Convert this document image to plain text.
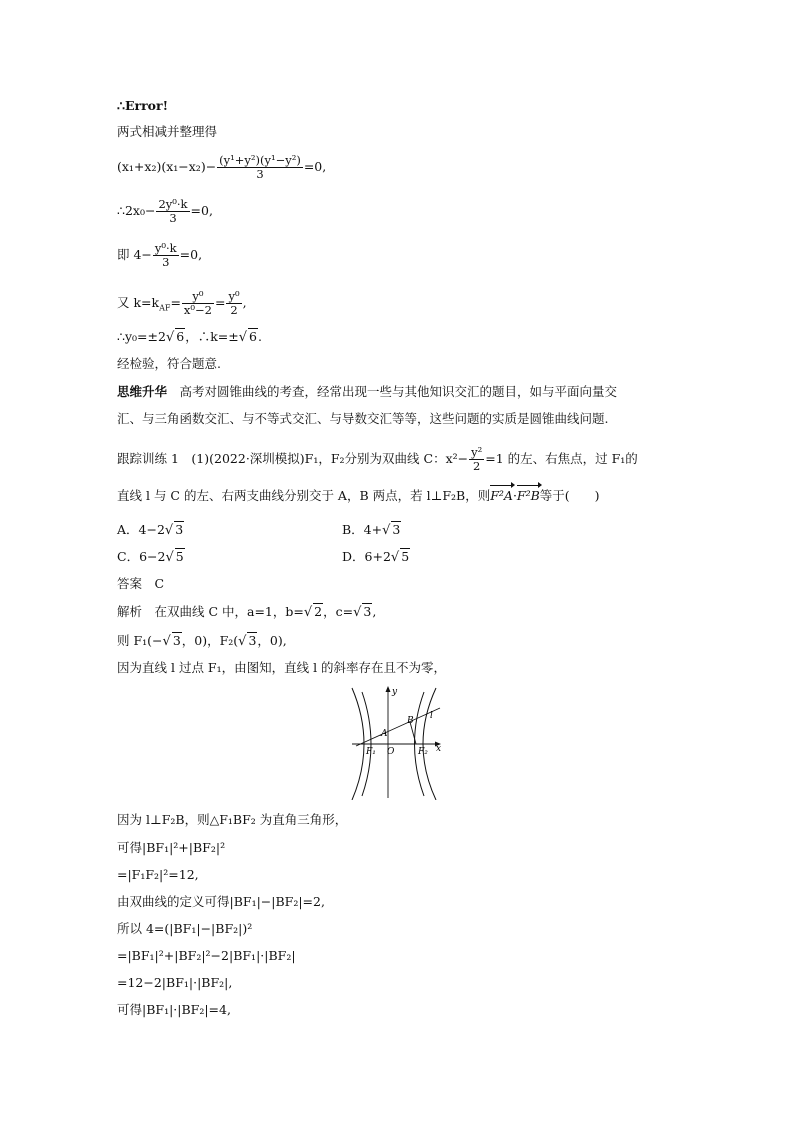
∴Error!
两式相减并整理得
$(x_1+x_2)(x_1-x_2)- \frac{\text{(y¹+y²)(y¹−y²)}}{3} =0$,
∴2x₀− $\frac{\text{2y⁰·k}}{3} =0$,
即 $4- \frac{\text{y⁰·k}}{3} =0$,
又 $k=k_{AF}= \frac{\text{y⁰}}{\text{x⁰−2}} = \frac{\text{y⁰}}{2}$ ,
∴y₀=±2√ 6，∴k=±√ 6.
经检验，符合题意.
思维升华　 高考对圆锥曲线的考查，经常出现一些与其他知识交汇的题目，如与平面向量交
汇、与三角函数交汇、与不等式交汇、与导数交汇等等，这些问题的实质是圆锥曲线问题.
跟踪训练 1　(1)(2022·深圳模拟)F₁，F₂分别为双曲线 C：$x^2- \frac{\text{y²}}{2} =1$ 的左、右焦点，过 F₁的
直线 l 与 C 的左、右两支曲线分别交于 A，B 两点，若 l⊥F₂B，则F²A·F²B等于(　　)
A．4−2√ 3	B．4+√ 3
C．6−2√ 5	D．6+2√ 5
答案　C
解析　在双曲线 C 中，a=1，b=√ 2，c=√ 3,
则 F₁(−√ 3，0)，F₂(√ 3，0),
因为直线 l 过点 F₁，由图知，直线 l 的斜率存在且不为零，
y
x
l
A
B
O
F₁	F₂
因为 l⊥F₂B，则△F₁BF₂ 为直角三角形，
可得|BF₁|²+|BF₂|²
=|F₁F₂|²=12,
由双曲线的定义可得|BF₁|−|BF₂|=2,
所以 4=(|BF₁|−|BF₂|)²
=|BF₁|²+|BF₂|²−2|BF₁|·|BF₂|
=12−2|BF₁|·|BF₂|,
可得|BF₁|·|BF₂|=4,
